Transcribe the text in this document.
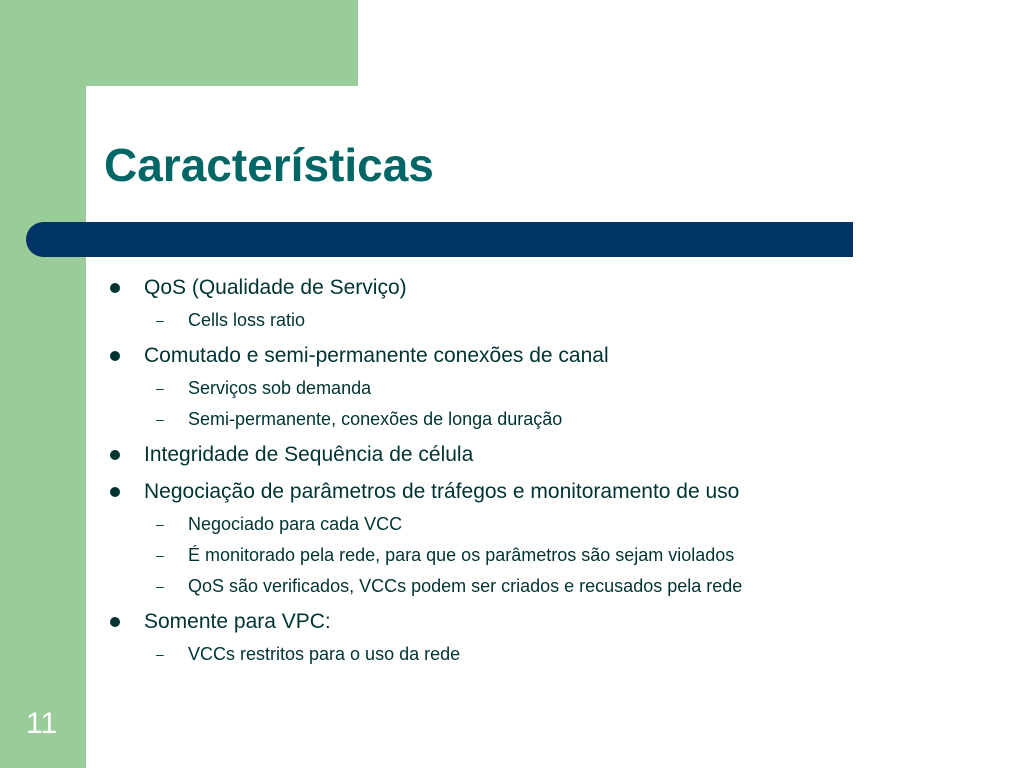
Características
QoS (Qualidade de Serviço)
– Cells loss ratio
Comutado e semi-permanente conexões de canal
– Serviços sob demanda
– Semi-permanente, conexões de longa duração
Integridade de Sequência de célula
Negociação de parâmetros de tráfegos e monitoramento de uso
– Negociado para cada VCC
– É monitorado pela rede, para que os parâmetros são sejam violados
– QoS são verificados, VCCs podem ser criados e recusados pela rede
Somente para VPC:
– VCCs restritos para o uso da rede
11
